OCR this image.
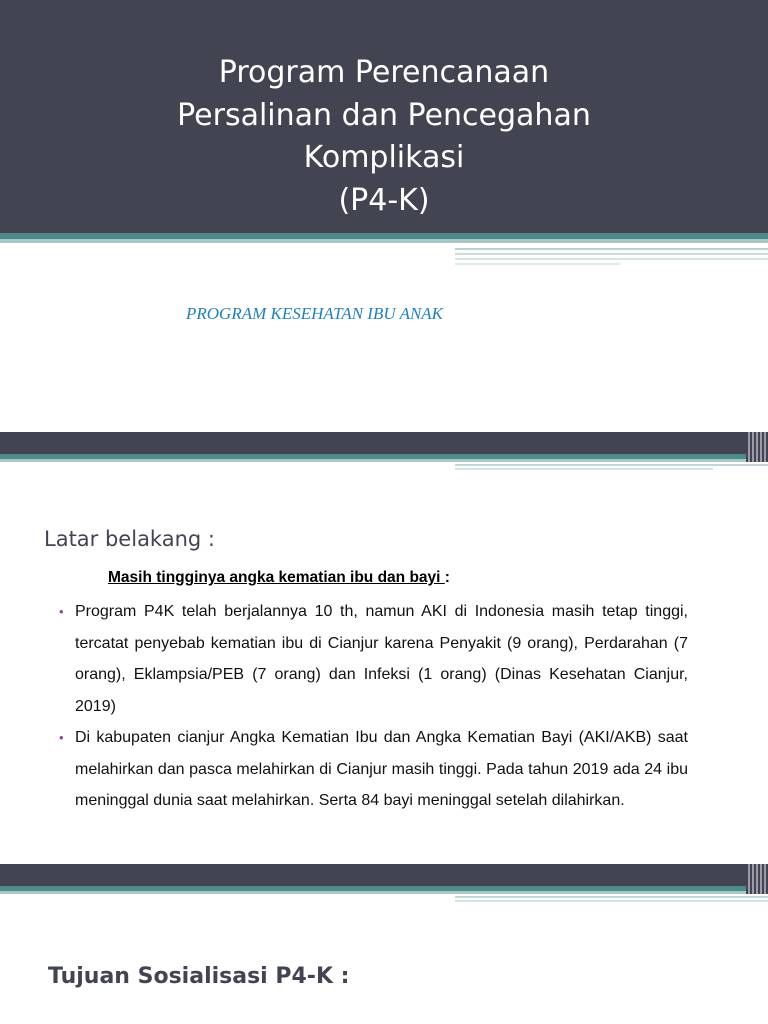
Program Perencanaan
Persalinan dan Pencegahan
Komplikasi
(P4-K)
PROGRAM KESEHATAN IBU ANAK
Latar belakang :
Masih tingginya angka kematian ibu dan bayi :
• Program P4K telah berjalannya 10 th, namun AKI di Indonesia masih tetap tinggi, tercatat penyebab kematian ibu di Cianjur karena Penyakit (9 orang), Perdarahan (7 orang), Eklampsia/PEB (7 orang) dan Infeksi (1 orang) (Dinas Kesehatan Cianjur, 2019)
• Di kabupaten cianjur Angka Kematian Ibu dan Angka Kematian Bayi (AKI/AKB) saat melahirkan dan pasca melahirkan di Cianjur masih tinggi. Pada tahun 2019 ada 24 ibu meninggal dunia saat melahirkan. Serta 84 bayi meninggal setelah dilahirkan.
Tujuan Sosialisasi P4-K :
